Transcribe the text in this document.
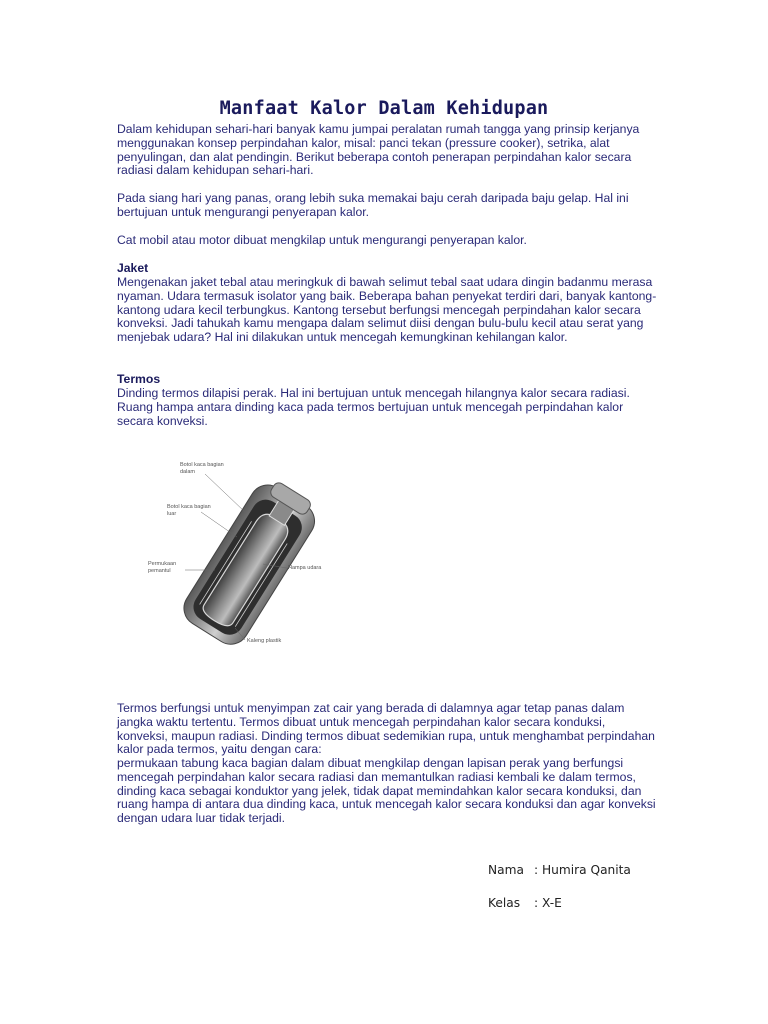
Manfaat Kalor Dalam Kehidupan

Dalam kehidupan sehari-hari banyak kamu jumpai peralatan rumah tangga yang prinsip kerjanya menggunakan konsep perpindahan kalor, misal: panci tekan (pressure cooker), setrika, alat penyulingan, dan alat pendingin. Berikut beberapa contoh penerapan perpindahan kalor secara radiasi dalam kehidupan sehari-hari.

Pada siang hari yang panas, orang lebih suka memakai baju cerah daripada baju gelap. Hal ini bertujuan untuk mengurangi penyerapan kalor.

Cat mobil atau motor dibuat mengkilap untuk mengurangi penyerapan kalor.

Jaket

Mengenakan jaket tebal atau meringkuk di bawah selimut tebal saat udara dingin badanmu merasa nyaman. Udara termasuk isolator yang baik. Beberapa bahan penyekat terdiri dari, banyak kantong-kantong udara kecil terbungkus. Kantong tersebut berfungsi mencegah perpindahan kalor secara konveksi. Jadi tahukah kamu mengapa dalam selimut diisi dengan bulu-bulu kecil atau serat yang menjebak udara? Hal ini dilakukan untuk mencegah kemungkinan kehilangan kalor.

Termos

Dinding termos dilapisi perak. Hal ini bertujuan untuk mencegah hilangnya kalor secara radiasi. Ruang hampa antara dinding kaca pada termos bertujuan untuk mencegah perpindahan kalor secara konveksi.

Botol kaca bagian
dalam
Botol kaca bagian
luar
Permukaan
pemantul	Hampa udara
Kaleng plastik

Termos berfungsi untuk menyimpan zat cair yang berada di dalamnya agar tetap panas dalam jangka waktu tertentu. Termos dibuat untuk mencegah perpindahan kalor secara konduksi, konveksi, maupun radiasi. Dinding termos dibuat sedemikian rupa, untuk menghambat perpindahan kalor pada termos, yaitu dengan cara:

permukaan tabung kaca bagian dalam dibuat mengkilap dengan lapisan perak yang berfungsi mencegah perpindahan kalor secara radiasi dan memantulkan radiasi kembali ke dalam termos, dinding kaca sebagai konduktor yang jelek, tidak dapat memindahkan kalor secara konduksi, dan ruang hampa di antara dua dinding kaca, untuk mencegah kalor secara konduksi dan agar konveksi dengan udara luar tidak terjadi.

Nama : Humira Qanita
Kelas : X-E
